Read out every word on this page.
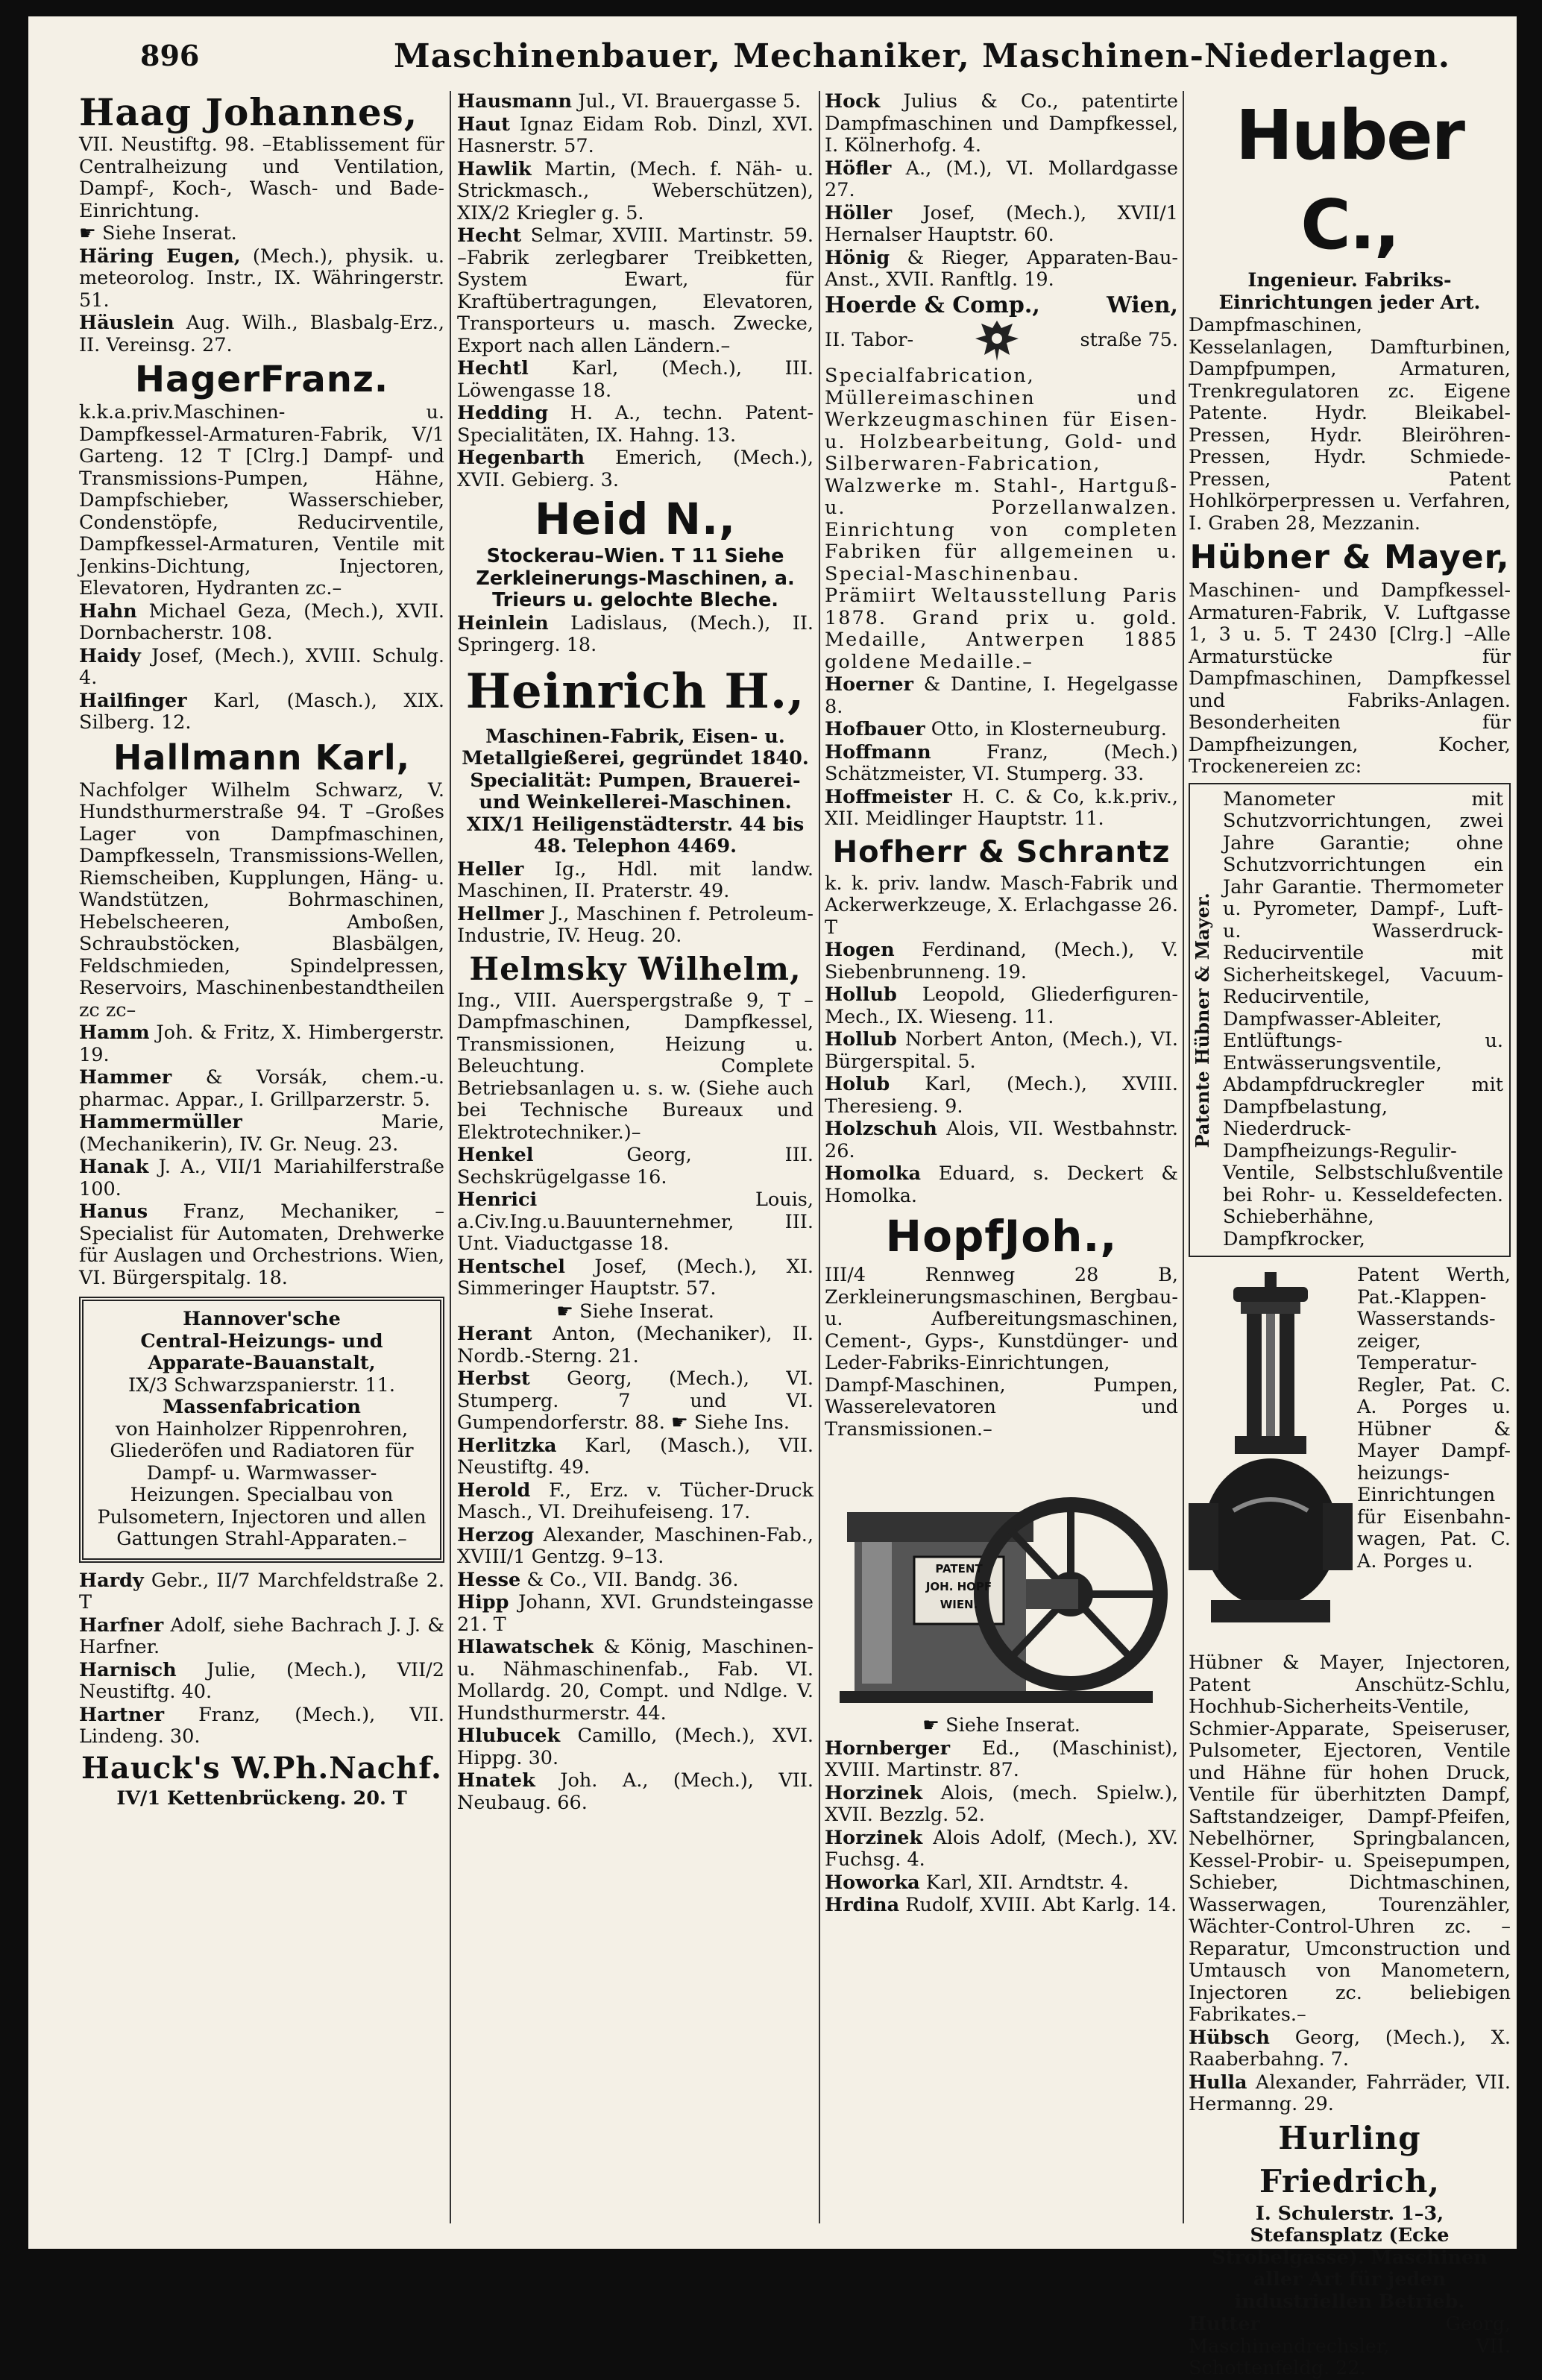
896	Maschinenbauer, Mechaniker, Maschinen-Niederlagen.
Haag Johannes,
VII. Neustiftg. 98. –Etablissement für Centralheizung und Ventilation, Dampf-, Koch-, Wasch- und Bade-Einrichtung.
☛ Siehe Inserat.
Häring Eugen, (Mech.), physik. u. meteorolog. Instr., IX. Währingerstr. 51.
Häuslein Aug. Wilh., Blasbalg-Erz., II. Vereinsg. 27.
HagerFranz.
k.k.a.priv.Maschinen- u. Dampfkessel-Armaturen-Fabrik, V/1 Garteng. 12 T [Clrg.] Dampf- und Transmissions-Pumpen, Hähne, Dampfschieber, Wasserschieber, Condenstöpfe, Reducirventile, Dampfkessel-Armaturen, Ventile mit Jenkins-Dichtung, Injectoren, Elevatoren, Hydranten zc.–
Hahn Michael Geza, (Mech.), XVII. Dornbacherstr. 108.
Haidy Josef, (Mech.), XVIII. Schulg. 4.
Hailfinger Karl, (Masch.), XIX. Silberg. 12.
Hallmann Karl,
Nachfolger Wilhelm Schwarz, V. Hundsthurmerstraße 94. T –Großes Lager von Dampfmaschinen, Dampfkesseln, Transmissions-Wellen, Riemscheiben, Kupplungen, Häng- u. Wandstützen, Bohrmaschinen, Hebelscheeren, Amboßen, Schraubstöcken, Blasbälgen, Feldschmieden, Spindelpressen, Reservoirs, Maschinenbestandtheilen zc zc–
Hamm Joh. & Fritz, X. Himbergerstr. 19.
Hammer & Vorsák, chem.-u. pharmac. Appar., I. Grillparzerstr. 5.
Hammermüller	Marie, (Mechanikerin), IV. Gr. Neug. 23.
Hanak J. A., VII/1 Mariahilferstraße 100.
Hanus Franz, Mechaniker, –Specialist für Automaten, Drehwerke für Auslagen und Orchestrions. Wien, VI. Bürgerspitalg. 18.
Hannover'sche
Central-Heizungs- und Apparate-Bauanstalt,
IX/3 Schwarzspanierstr. 11.
Massenfabrication
von Hainholzer Rippenrohren, Gliederöfen und Radiatoren für Dampf- u. Warmwasser-Heizungen. Specialbau von Pulsometern, Injectoren und allen Gattungen Strahl-Apparaten.–
Hardy Gebr., II/7 Marchfeldstraße 2. T
Harfner Adolf, siehe Bachrach J. J. & Harfner.
Harnisch Julie, (Mech.), VII/2 Neustiftg. 40.
Hartner Franz, (Mech.), VII. Lindeng. 30.
Hauck's W.Ph.Nachf.
IV/1 Kettenbrückeng. 20. T
Hausmann Jul., VI. Brauergasse 5.
Haut Ignaz Eidam Rob. Dinzl, XVI. Hasnerstr. 57.
Hawlik Martin, (Mech. f. Näh- u. Strickmasch., Weberschützen), XIX/2 Kriegler g. 5.
Hecht Selmar, XVIII. Martinstr. 59. –Fabrik zerlegbarer Treibketten, System Ewart, für Kraftübertragungen, Elevatoren, Transporteurs u. masch. Zwecke, Export nach allen Ländern.–
Hechtl Karl, (Mech.), III. Löwengasse 18.
Hedding H. A., techn. Patent-Specialitäten, IX. Hahng. 13.
Hegenbarth Emerich, (Mech.), XVII. Gebierg. 3.
Heid N.,
Stockerau–Wien. T 11 Siehe Zerkleinerungs-Maschinen, a. Trieurs u. gelochte Bleche.
Heinlein Ladislaus, (Mech.), II. Springerg. 18.
Heinrich H.,
Maschinen-Fabrik, Eisen- u. Metallgießerei, gegründet 1840. Specialität: Pumpen, Brauerei- und Weinkellerei-Maschinen. XIX/1 Heiligenstädterstr. 44 bis 48. Telephon 4469.
Heller Ig., Hdl. mit landw. Maschinen, II. Praterstr. 49.
Hellmer J., Maschinen f. Petroleum-Industrie, IV. Heug. 20.
Helmsky Wilhelm,
Ing., VIII. Auerspergstraße 9, T –Dampfmaschinen, Dampfkessel, Transmissionen, Heizung u. Beleuchtung. Complete Betriebsanlagen u. s. w. (Siehe auch bei Technische Bureaux und Elektrotechniker.)–
Henkel	Georg, III. Sechskrügelgasse 16.
Henrici	Louis, a.Civ.Ing.u.Bauunternehmer, III. Unt. Viaductgasse 18.
Hentschel Josef, (Mech.), XI. Simmeringer Hauptstr. 57.
☛ Siehe Inserat.
Herant Anton, (Mechaniker), II. Nordb.-Sterng. 21.
Herbst Georg, (Mech.), VI. Stumperg. 7 und VI. Gumpendorferstr. 88. ☛ Siehe Ins.
Herlitzka Karl, (Masch.), VII. Neustiftg. 49.
Herold F., Erz. v. Tücher-Druck Masch., VI. Dreihufeiseng. 17.
Herzog Alexander, Maschinen-Fab., XVIII/1 Gentzg. 9–13.
Hesse & Co., VII. Bandg. 36.
Hipp Johann, XVI. Grundsteingasse 21. T
Hlawatschek & König, Maschinen- u. Nähmaschinenfab., Fab. VI. Mollardg. 20, Compt. und Ndlge. V. Hundsthurmerstr. 44.
Hlubucek Camillo, (Mech.), XVI. Hippg. 30.
Hnatek Joh. A., (Mech.), VII. Neubaug. 66.
Hock Julius & Co., patentirte Dampfmaschinen und Dampfkessel, I. Kölnerhofg. 4.
Höfler A., (M.), VI. Mollardgasse 27.
Höller Josef, (Mech.), XVII/1 Hernalser Hauptstr. 60.
Hönig & Rieger, Apparaten-Bau-Anst., XVII. Ranftlg. 19.
Hoerde & Comp.,	Wien,
II. Tabor-	straße 75.
Specialfabrication, Müllereimaschinen und Werkzeugmaschinen für Eisen- u. Holzbearbeitung, Gold- und Silberwaren-Fabrication, Walzwerke m. Stahl-, Hartguß- u. Porzellanwalzen. Einrichtung von completen Fabriken für allgemeinen u. Special-Maschinenbau. Prämiirt Weltausstellung Paris 1878. Grand prix u. gold. Medaille, Antwerpen 1885 goldene Medaille.–
Hoerner & Dantine, I. Hegelgasse 8.
Hofbauer Otto, in Klosterneuburg.
Hoffmann	Franz, (Mech.) Schätzmeister, VI. Stumperg. 33.
Hoffmeister H. C. & Co, k.k.priv., XII. Meidlinger Hauptstr. 11.
Hofherr & Schrantz
k. k. priv. landw. Masch-Fabrik und Ackerwerkzeuge, X. Erlachgasse 26. T
Hogen Ferdinand, (Mech.), V. Siebenbrunneng. 19.
Hollub Leopold, Gliederfiguren-Mech., IX. Wieseng. 11.
Hollub Norbert Anton, (Mech.), VI. Bürgerspital. 5.
Holub Karl, (Mech.), XVIII. Theresieng. 9.
Holzschuh Alois, VII. Westbahnstr. 26.
Homolka Eduard, s. Deckert & Homolka.
HopfJoh.,
III/4 Rennweg 28 B, Zerkleinerungsmaschinen, Bergbau- u. Aufbereitungsmaschinen, Cement-, Gyps-, Kunstdünger- und Leder-Fabriks-Einrichtungen, Dampf-Maschinen, Pumpen, Wasserelevatoren und Transmissionen.–
PATENT
JOH. HOPF
WIEN.
☛ Siehe Inserat.
Hornberger Ed., (Maschinist), XVIII. Martinstr. 87.
Horzinek Alois, (mech. Spielw.), XVII. Bezzlg. 52.
Horzinek Alois Adolf, (Mech.), XV. Fuchsg. 4.
Howorka Karl, XII. Arndtstr. 4.
Hrdina Rudolf, XVIII. Abt Karlg. 14.
Huber C.,
Ingenieur. Fabriks-Einrichtungen jeder Art.
Dampfmaschinen, Kesselanlagen, Damfturbinen, Dampfpumpen, Armaturen, Trenkregulatoren zc. Eigene Patente. Hydr. Bleikabel-Pressen, Hydr. Bleiröhren-Pressen, Hydr. Schmiede-Pressen, Patent Hohlkörperpressen u. Verfahren, I. Graben 28, Mezzanin.
Hübner & Mayer,
Maschinen- und Dampfkessel-Armaturen-Fabrik, V. Luftgasse 1, 3 u. 5. T 2430 [Clrg.] –Alle Armaturstücke für Dampfmaschinen, Dampfkessel und Fabriks-Anlagen. Besonderheiten für Dampfheizungen, Kocher, Trockenereien zc:
Patente Hübner & Mayer.
Manometer mit Schutzvorrichtungen, zwei Jahre Garantie; ohne Schutzvorrichtungen ein Jahr Garantie. Thermometer u. Pyrometer, Dampf-, Luft- u. Wasserdruck-Reducirventile mit Sicherheitskegel, Vacuum-Reducirventile, Dampfwasser-Ableiter, Entlüftungs- u. Entwässerungsventile, Abdampfdruckregler mit Dampfbelastung, Niederdruck-Dampfheizungs-Regulir-Ventile, Selbstschlußventile bei Rohr- u. Kesseldefecten. Schieberhähne, Dampfkrocker,
Patent Werth, Pat.-Klappen-Wasserstands-zeiger, Temperatur-Regler, Pat. C. A. Porges u. Hübner & Mayer Dampf-heizungs-Einrichtungen für Eisenbahn-wagen, Pat. C. A. Porges u.
Hübner & Mayer, Injectoren, Patent Anschütz-Schlu, Hochhub-Sicherheits-Ventile, Schmier-Apparate, Speiseruser, Pulsometer, Ejectoren, Ventile und Hähne für hohen Druck, Ventile für überhitzten Dampf, Saftstandzeiger, Dampf-Pfeifen, Nebelhörner, Springbalancen, Kessel-Probir- u. Speisepumpen, Schieber, Dichtmaschinen, Wasserwagen, Tourenzähler, Wächter-Control-Uhren zc. – Reparatur, Umconstruction und Umtausch von Manometern, Injectoren zc. beliebigen Fabrikates.–
Hübsch Georg, (Mech.), X. Raaberbahng. 7.
Hulla Alexander, Fahrräder, VII. Hermanng. 29.
Hurling Friedrich,
I. Schulerstr. 1–3, Stefansplatz (Ecke Strobelgasse). Maschinen aller Art für jeden industriellen Betrieb.
Hutter	Georg, Maschinendrechsler, VII. Schottenfeldg. 22.
